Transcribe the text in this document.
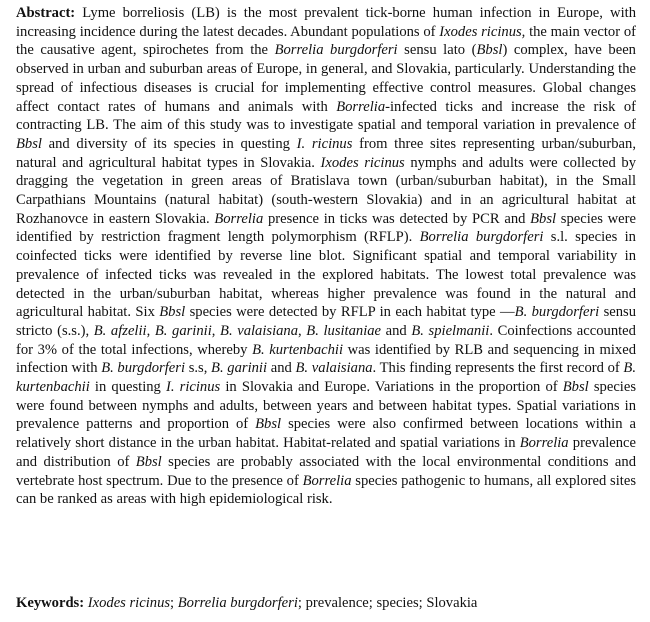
Abstract: Lyme borreliosis (LB) is the most prevalent tick-borne human infection in Europe, with increasing incidence during the latest decades. Abundant populations of Ixodes ricinus, the main vector of the causative agent, spirochetes from the Borrelia burgdorferi sensu lato (Bbsl) complex, have been observed in urban and suburban areas of Europe, in general, and Slovakia, particularly. Understanding the spread of infectious diseases is crucial for implementing effective control measures. Global changes affect contact rates of humans and animals with Borrelia-infected ticks and increase the risk of contracting LB. The aim of this study was to investigate spatial and temporal variation in prevalence of Bbsl and diversity of its species in questing I. ricinus from three sites representing urban/suburban, natural and agricultural habitat types in Slovakia. Ixodes ricinus nymphs and adults were collected by dragging the vegetation in green areas of Bratislava town (urban/suburban habitat), in the Small Carpathians Mountains (natural habitat) (south-western Slovakia) and in an agricultural habitat at Rozhanovce in eastern Slovakia. Borrelia presence in ticks was detected by PCR and Bbsl species were identified by restriction fragment length polymorphism (RFLP). Borrelia burgdorferi s.l. species in coinfected ticks were identified by reverse line blot. Significant spatial and temporal variability in prevalence of infected ticks was revealed in the explored habitats. The lowest total prevalence was detected in the urban/suburban habitat, whereas higher prevalence was found in the natural and agricultural habitat. Six Bbsl species were detected by RFLP in each habitat type —B. burgdorferi sensu stricto (s.s.), B. afzelii, B. garinii, B. valaisiana, B. lusitaniae and B. spielmanii. Coinfections accounted for 3% of the total infections, whereby B. kurtenbachii was identified by RLB and sequencing in mixed infection with B. burgdorferi s.s, B. garinii and B. valaisiana. This finding represents the first record of B. kurtenbachii in questing I. ricinus in Slovakia and Europe. Variations in the proportion of Bbsl species were found between nymphs and adults, between years and between habitat types. Spatial variations in prevalence patterns and proportion of Bbsl species were also confirmed between locations within a relatively short distance in the urban habitat. Habitat-related and spatial variations in Borrelia prevalence and distribution of Bbsl species are probably associated with the local environmental conditions and vertebrate host spectrum. Due to the presence of Borrelia species pathogenic to humans, all explored sites can be ranked as areas with high epidemiological risk.

Keywords: Ixodes ricinus; Borrelia burgdorferi; prevalence; species; Slovakia
